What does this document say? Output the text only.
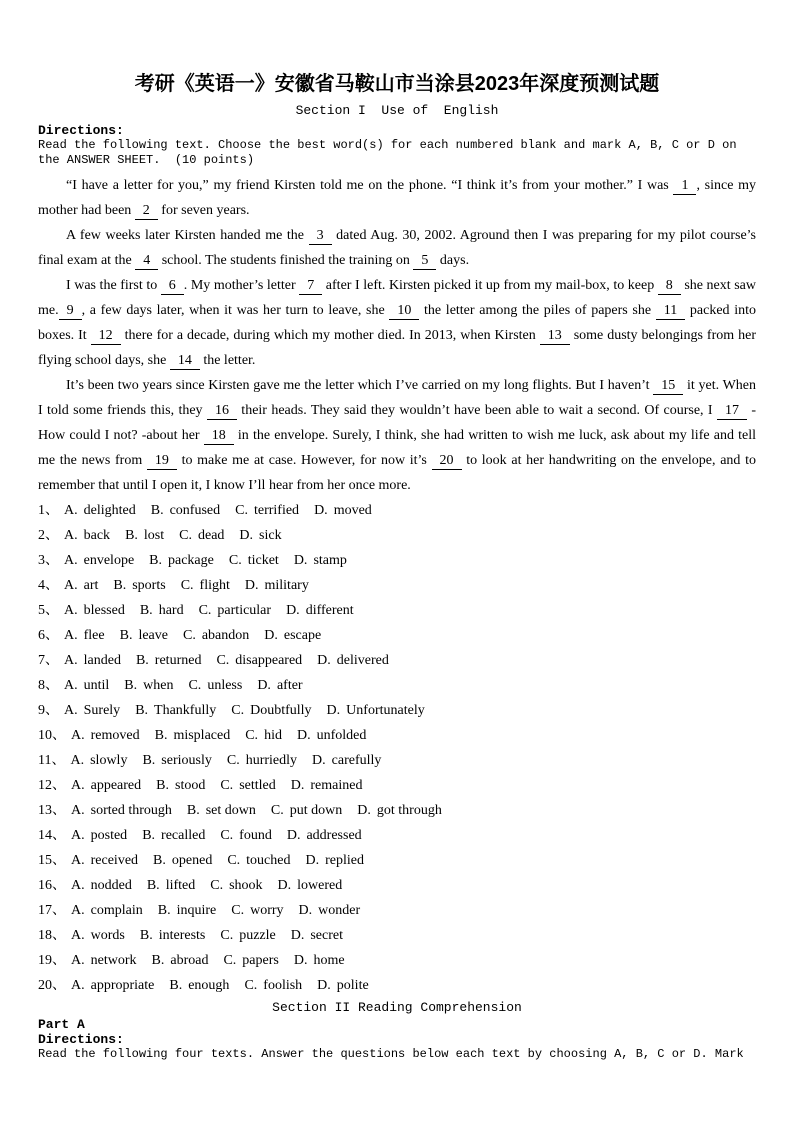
考研《英语一》安徽省马鞍山市当涂县2023年深度预测试题
Section I  Use of  English
Directions:
Read the following text. Choose the best word(s) for each numbered blank and mark A, B, C or D on the ANSWER SHEET.  (10 points)

“I have a letter for you,” my friend Kirsten told me on the phone. “I think it’s from your mother.” I was 1 , since my mother had been 2 for seven years.

A few weeks later Kirsten handed me the 3 dated Aug. 30, 2002. Aground then I was preparing for my pilot course’s final exam at the 4 school. The students finished the training on 5 days.

I was the first to 6 . My mother’s letter 7 after I left. Kirsten picked it up from my mail-box, to keep 8 she next saw me. 9 , a few days later, when it was her turn to leave, she 10 the letter among the piles of papers she 11 packed into boxes. It 12 there for a decade, during which my mother died. In 2013, when Kirsten 13 some dusty belongings from her flying school days, she 14 the letter.

It’s been two years since Kirsten gave me the letter which I’ve carried on my long flights. But I haven’t 15 it yet. When I told some friends this, they 16 their heads. They said they wouldn’t have been able to wait a second. Of course, I 17 -How could I not? -about her 18 in the envelope. Surely, I think, she had written to wish me luck, ask about my life and tell me the news from 19 to make me at case. However, for now it’s 20 to look at her handwriting on the envelope, and to remember that until I open it, I know I’ll hear from her once more.

1、 A. delighted B. confused C. terrified D. moved
2、 A. back B. lost C. dead D. sick
3、 A. envelope B. package C. ticket D. stamp
4、 A. art B. sports C. flight D. military
5、 A. blessed B. hard C. particular D. different
6、 A. flee B. leave C. abandon D. escape
7、 A. landed B. returned C. disappeared D. delivered
8、 A. until B. when C. unless D. after
9、 A. Surely B. Thankfully C. Doubtfully D. Unfortunately
10、 A. removed B. misplaced C. hid D. unfolded
11、 A. slowly B. seriously C. hurriedly D. carefully
12、 A. appeared B. stood C. settled D. remained
13、 A. sorted through B. set down C. put down D. got through
14、 A. posted B. recalled C. found D. addressed
15、 A. received B. opened C. touched D. replied
16、 A. nodded B. lifted C. shook D. lowered
17、 A. complain B. inquire C. worry D. wonder
18、 A. words B. interests C. puzzle D. secret
19、 A. network B. abroad C. papers D. home
20、 A. appropriate B. enough C. foolish D. polite
Section II Reading Comprehension
Part A
Directions:
Read the following four texts. Answer the questions below each text by choosing A, B, C or D. Mark
